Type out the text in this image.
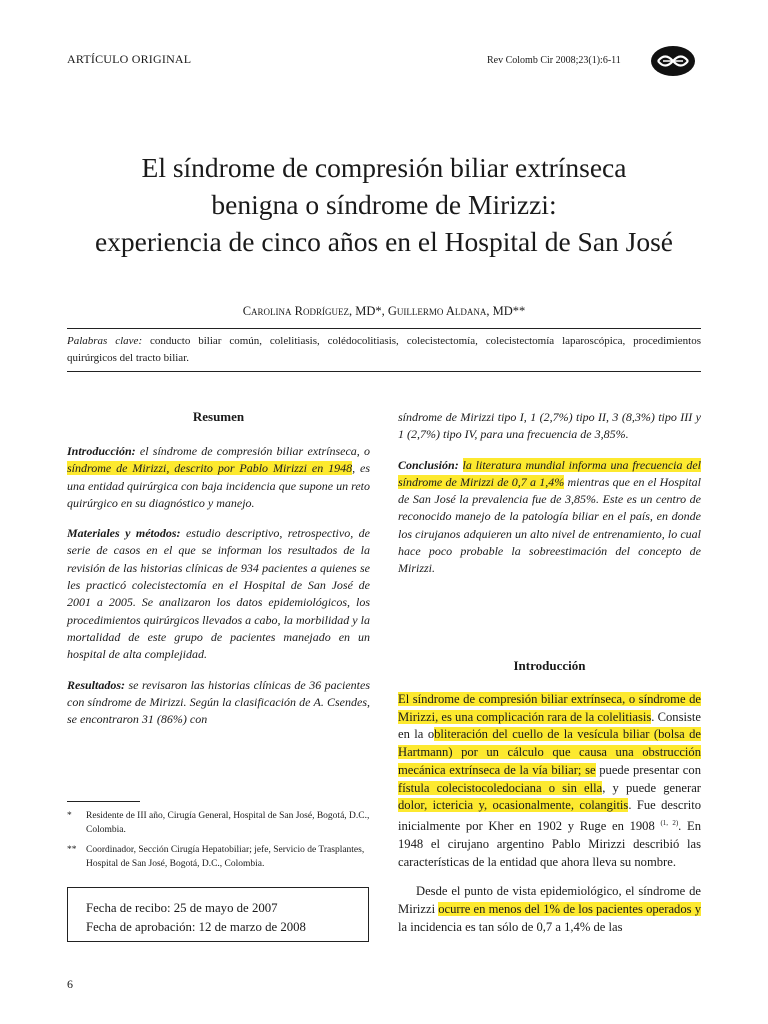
ARTÍCULO ORIGINAL	Rev Colomb Cir 2008;23(1):6-11
El síndrome de compresión biliar extrínseca
benigna o síndrome de Mirizzi:
experiencia de cinco años en el Hospital de San José
Carolina Rodríguez, MD*, Guillermo Aldana, MD**
Palabras clave: conducto biliar común, colelitiasis, colédocolitiasis, colecistectomía, colecistectomía laparoscópica, procedimientos quirúrgicos del tracto biliar.
Resumen

Introducción: el síndrome de compresión biliar extrínseca, o síndrome de Mirizzi, descrito por Pablo Mirizzi en 1948, es una entidad quirúrgica con baja incidencia que supone un reto quirúrgico en su diagnóstico y manejo.

Materiales y métodos: estudio descriptivo, retrospectivo, de serie de casos en el que se informan los resultados de la revisión de las historias clínicas de 934 pacientes a quienes se les practicó colecistectomía en el Hospital de San José de 2001 a 2005. Se analizaron los datos epidemiológicos, los procedimientos quirúrgicos llevados a cabo, la morbilidad y la mortalidad de este grupo de pacientes manejado en un hospital de alta complejidad.

Resultados: se revisaron las historias clínicas de 36 pacientes con síndrome de Mirizzi. Según la clasificación de A. Csendes, se encontraron 31 (86%) con

*	Residente de III año, Cirugía General, Hospital de San José, Bogotá, D.C., Colombia.
**	Coordinador, Sección Cirugía Hepatobiliar; jefe, Servicio de Trasplantes, Hospital de San José, Bogotá, D.C., Colombia.
Fecha de recibo: 25 de mayo de 2007
Fecha de aprobación: 12 de marzo de 2008

síndrome de Mirizzi tipo I, 1 (2,7%) tipo II, 3 (8,3%) tipo III y 1 (2,7%) tipo IV, para una frecuencia de 3,85%.

Conclusión: la literatura mundial informa una frecuencia del síndrome de Mirizzi de 0,7 a 1,4% mientras que en el Hospital de San José la prevalencia fue de 3,85%. Este es un centro de reconocido manejo de la patología biliar en el país, en donde los cirujanos adquieren un alto nivel de entrenamiento, lo cual hace poco probable la sobreestimación del concepto de Mirizzi.

Introducción

El síndrome de compresión biliar extrínseca, o síndrome de Mirizzi, es una complicación rara de la colelitiasis. Consiste en la obliteración del cuello de la vesícula biliar (bolsa de Hartmann) por un cálculo que causa una obstrucción mecánica extrínseca de la vía biliar; se puede presentar con fístula colecistocoledociana o sin ella, y puede generar dolor, ictericia y, ocasionalmente, colangitis. Fue descrito inicialmente por Kher en 1902 y Ruge en 1908 $^{(1, 2)}$. En 1948 el cirujano argentino Pablo Mirizzi describió las características de la entidad que ahora lleva su nombre.

Desde el punto de vista epidemiológico, el síndrome de Mirizzi ocurre en menos del 1% de los pacientes operados y la incidencia es tan sólo de 0,7 a 1,4% de las

6
